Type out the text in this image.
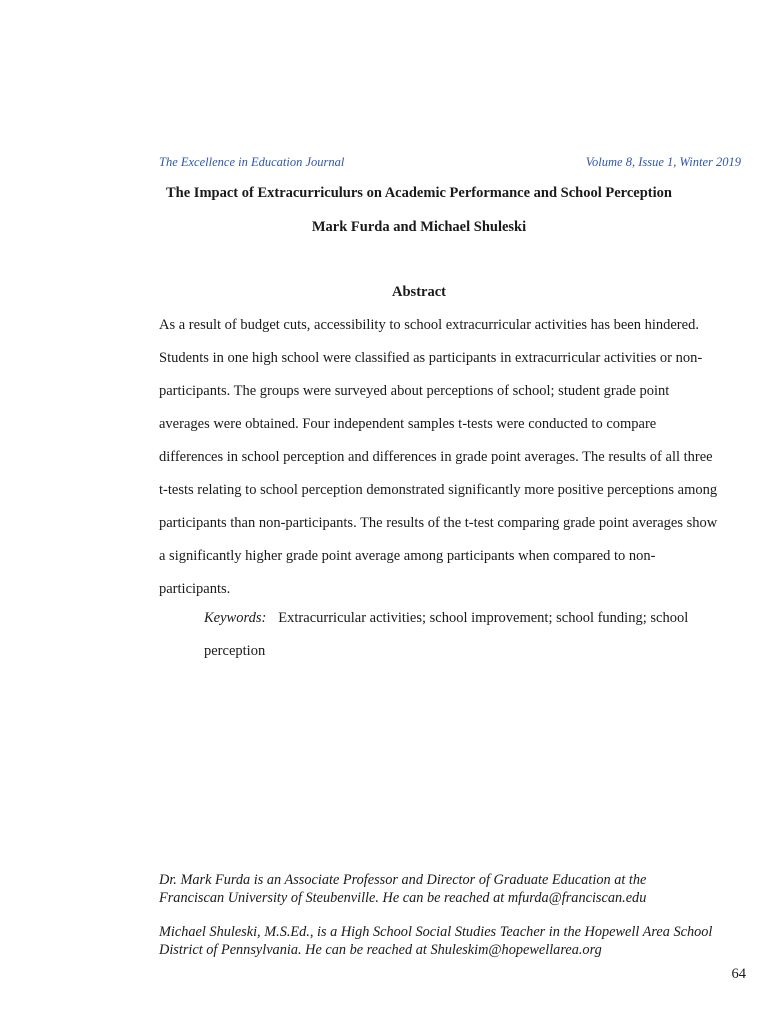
The Excellence in Education Journal	Volume 8, Issue 1, Winter 2019
The Impact of Extracurriculurs on Academic Performance and School Perception
Mark Furda and Michael Shuleski
Abstract
As a result of budget cuts, accessibility to school extracurricular activities has been hindered.
Students in one high school were classified as participants in extracurricular activities or non-
participants. The groups were surveyed about perceptions of school; student grade point
averages were obtained. Four independent samples t-tests were conducted to compare
differences in school perception and differences in grade point averages. The results of all three
t-tests relating to school perception demonstrated significantly more positive perceptions among
participants than non-participants. The results of the t-test comparing grade point averages show
a significantly higher grade point average among participants when compared to non-
participants.
Keywords: Extracurricular activities; school improvement; school funding; school
perception
Dr. Mark Furda is an Associate Professor and Director of Graduate Education at the
Franciscan University of Steubenville. He can be reached at mfurda@franciscan.edu
Michael Shuleski, M.S.Ed., is a High School Social Studies Teacher in the Hopewell Area School
District of Pennsylvania. He can be reached at Shuleskim@hopewellarea.org
64
